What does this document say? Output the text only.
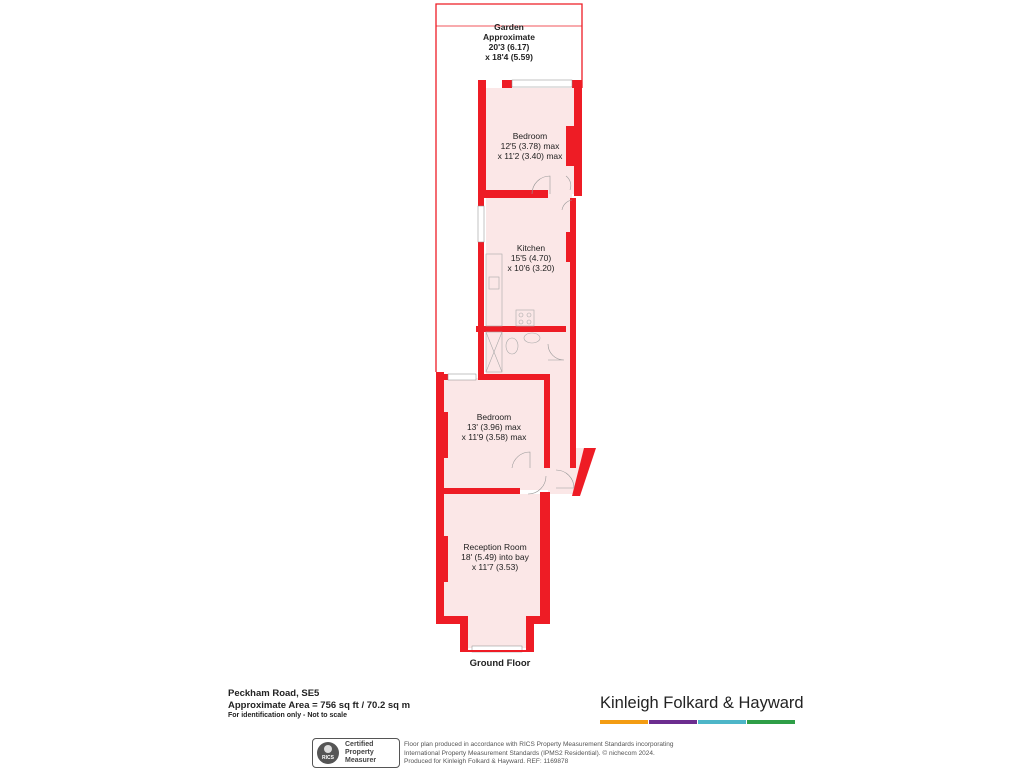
Garden Approximate 20'3 (6.17) x 18'4 (5.59)
Bedroom 12'5 (3.78) max x 11'2 (3.40) max
Kitchen 15'5 (4.70) x 10'6 (3.20)
Bedroom 13' (3.96) max x 11'9 (3.58) max
Reception Room 18' (5.49) into bay x 11'7 (3.53)
Ground Floor
Peckham Road, SE5
Approximate Area = 756 sq ft / 70.2 sq m
For identification only - Not to scale
Kinleigh Folkard & Hayward
RICS
Certified
Property
Measurer
Floor plan produced in accordance with RICS Property Measurement Standards incorporating
International Property Measurement Standards (IPMS2 Residential). © nichecom 2024.
Produced for Kinleigh Folkard & Hayward. REF: 1169878
